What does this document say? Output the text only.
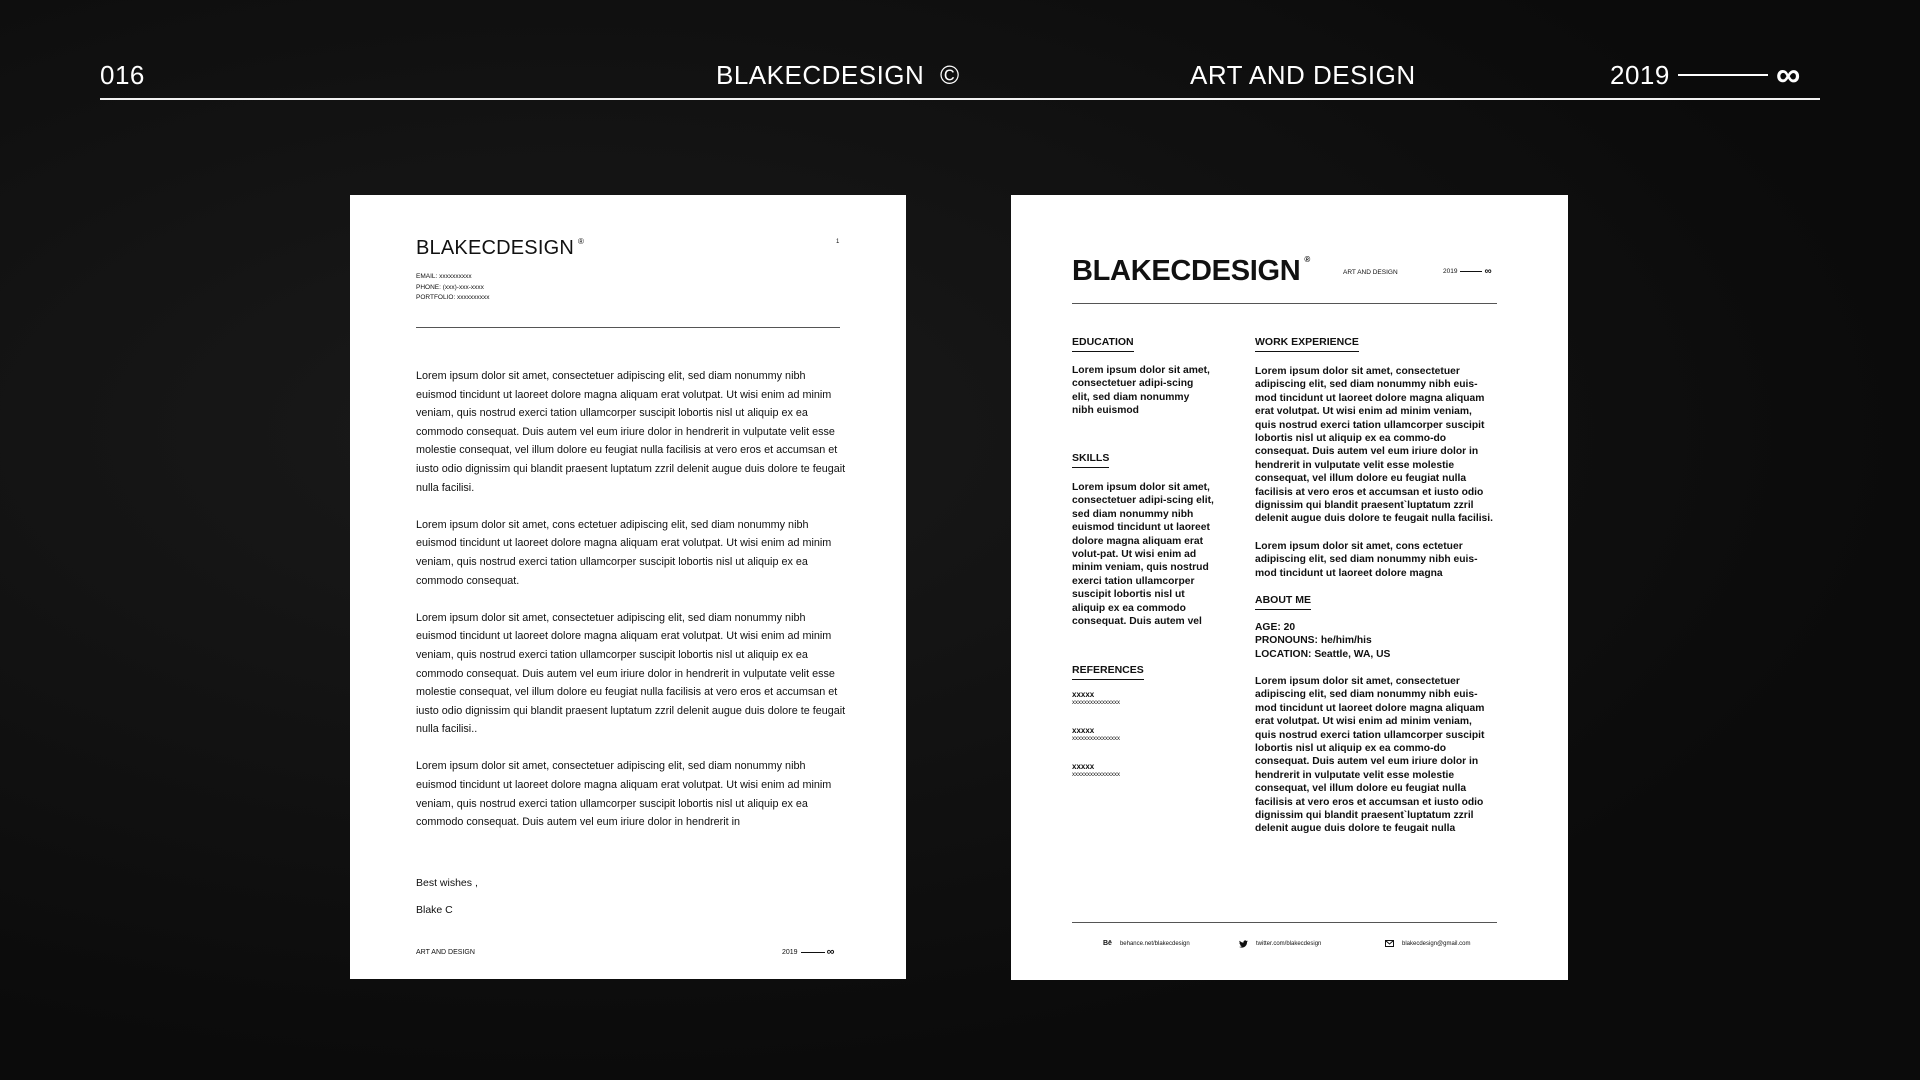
016	BLAKECDESIGN ©	ART AND DESIGN	2019	∞
BLAKECDESIGN ®	1
EMAIL: xxxxxxxxxx
PHONE: (xxx)-xxx-xxxx
PORTFOLIO: xxxxxxxxxx

Lorem ipsum dolor sit amet, consectetuer adipiscing elit, sed diam nonummy nibh euismod tincidunt ut laoreet dolore magna aliquam erat volutpat. Ut wisi enim ad minim veniam, quis nostrud exerci tation ullamcorper suscipit lobortis nisl ut aliquip ex ea commodo consequat. Duis autem vel eum iriure dolor in hendrerit in vulputate velit esse molestie consequat, vel illum dolore eu feugiat nulla facilisis at vero eros et accumsan et iusto odio dignissim qui blandit praesent luptatum zzril delenit augue duis dolore te feugait nulla facilisi.

Lorem ipsum dolor sit amet, cons ectetuer adipiscing elit, sed diam nonummy nibh euismod tincidunt ut laoreet dolore magna aliquam erat volutpat. Ut wisi enim ad minim veniam, quis nostrud exerci tation ullamcorper suscipit lobortis nisl ut aliquip ex ea commodo consequat.

Lorem ipsum dolor sit amet, consectetuer adipiscing elit, sed diam nonummy nibh euismod tincidunt ut laoreet dolore magna aliquam erat volutpat. Ut wisi enim ad minim veniam, quis nostrud exerci tation ullamcorper suscipit lobortis nisl ut aliquip ex ea commodo consequat. Duis autem vel eum iriure dolor in hendrerit in vulputate velit esse molestie consequat, vel illum dolore eu feugiat nulla facilisis at vero eros et accumsan et iusto odio dignissim qui blandit praesent luptatum zzril delenit augue duis dolore te feugait nulla facilisi..

Lorem ipsum dolor sit amet, consectetuer adipiscing elit, sed diam nonummy nibh euismod tincidunt ut laoreet dolore magna aliquam erat volutpat. Ut wisi enim ad minim veniam, quis nostrud exerci tation ullamcorper suscipit lobortis nisl ut aliquip ex ea commodo consequat. Duis autem vel eum iriure dolor in hendrerit in

Best wishes ,
Blake C
ART AND DESIGN	2019	∞
BLAKECDESIGN ®
ART AND DESIGN	2019	∞
EDUCATION
Lorem ipsum dolor sit amet, consectetuer adipi-scing elit, sed diam nonummy nibh euismod
SKILLS
Lorem ipsum dolor sit amet, consectetuer adipi-scing elit, sed diam nonummy nibh euismod tincidunt ut laoreet dolore magna aliquam erat volut-pat. Ut wisi enim ad minim veniam, quis nostrud exerci tation ullamcorper suscipit lobortis nisl ut aliquip ex ea commodo consequat. Duis autem vel
REFERENCES
xxxxx
xxxxxxxxxxxxxxxx
xxxxx
xxxxxxxxxxxxxxxx
xxxxx
xxxxxxxxxxxxxxxx
WORK EXPERIENCE
Lorem ipsum dolor sit amet, consectetuer adipiscing elit, sed diam nonummy nibh euis-mod tincidunt ut laoreet dolore magna aliquam erat volutpat. Ut wisi enim ad minim veniam, quis nostrud exerci tation ullamcorper suscipit lobortis nisl ut aliquip ex ea commo-do consequat. Duis autem vel eum iriure dolor in hendrerit in vulputate velit esse molestie consequat, vel illum dolore eu feugiat nulla facilisis at vero eros et accumsan et iusto odio dignissim qui blandit praesent`luptatum zzril delenit augue duis dolore te feugait nulla facilisi.
Lorem ipsum dolor sit amet, cons ectetuer adipiscing elit, sed diam nonummy nibh euis-mod tincidunt ut laoreet dolore magna
ABOUT ME
AGE: 20
PRONOUNS: he/him/his
LOCATION: Seattle, WA, US
Lorem ipsum dolor sit amet, consectetuer adipiscing elit, sed diam nonummy nibh euis-mod tincidunt ut laoreet dolore magna aliquam erat volutpat. Ut wisi enim ad minim veniam, quis nostrud exerci tation ullamcorper suscipit lobortis nisl ut aliquip ex ea commo-do consequat. Duis autem vel eum iriure dolor in hendrerit in vulputate velit esse molestie consequat, vel illum dolore eu feugiat nulla facilisis at vero eros et accumsan et iusto odio dignissim qui blandit praesent`luptatum zzril delenit augue duis dolore te feugait nulla
Bē behance.net/blakecdesign	twitter.com/blakecdesign	blakecdesign@gmail.com
